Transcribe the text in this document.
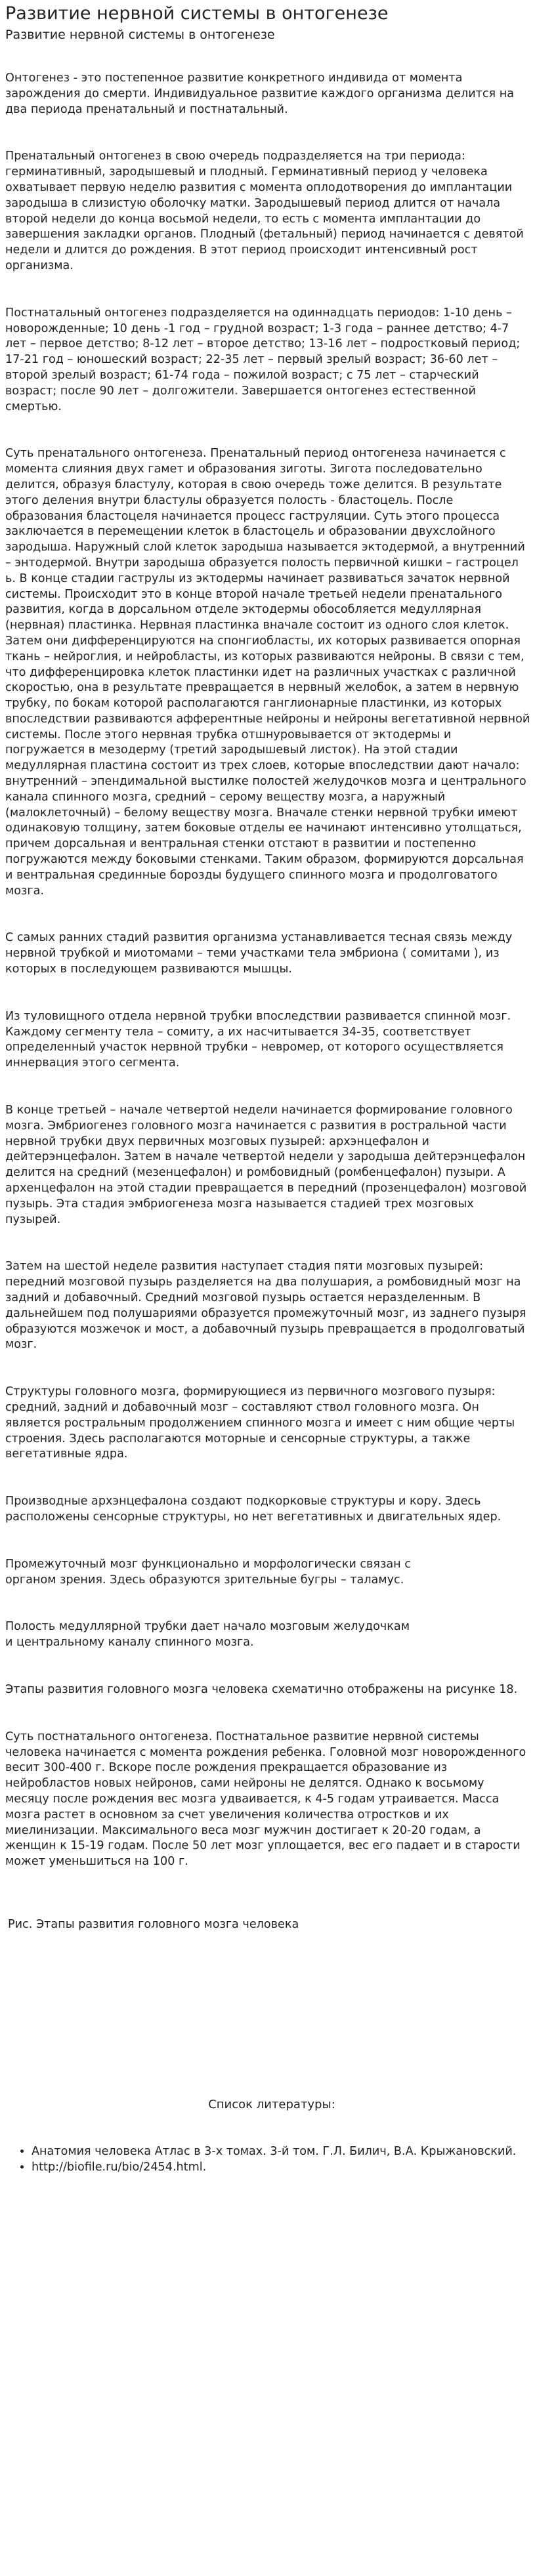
Развитие нервной системы в онтогенезе
Развитие нервной системы в онтогенезе

Онтогенез - это постепенное развитие конкретного индивида от момента зарождения до смерти. Индивидуальное развитие каждого организма делится на два периода пренатальный и постнатальный.

Пренатальный онтогенез в свою очередь подразделяется на три периода: герминативный, зародышевый и плодный. Герминативный период у человека охватывает первую неделю развития с момента оплодотворения до имплантации зародыша в слизистую оболочку матки. Зародышевый период длится от начала второй недели до конца восьмой недели, то есть с момента имплантации до завершения закладки органов. Плодный (фетальный) период начинается с девятой недели и длится до рождения. В этот период происходит интенсивный рост организма.

Постнатальный онтогенез подразделяется на одиннадцать периодов: 1-10 день – новорожденные; 10 день -1 год – грудной возраст; 1-3 года – раннее детство; 4-7 лет – первое детство; 8-12 лет – второе детство; 13-16 лет – подростковый период; 17-21 год – юношеский возраст; 22-35 лет – первый зрелый возраст; 36-60 лет – второй зрелый возраст; 61-74 года – пожилой возраст; с 75 лет – старческий возраст; после 90 лет – долгожители. Завершается онтогенез естественной смертью.

Суть пренатального онтогенеза. Пренатальный период онтогенеза начинается с момента слияния двух гамет и образования зиготы. Зигота последовательно делится, образуя бластулу, которая в свою очередь тоже делится. В результате этого деления внутри бластулы образуется полость - бластоцель. После образования бластоцеля начинается процесс гаструляции. Суть этого процесса заключается в перемещении клеток в бластоцель и образовании двухслойного зародыша. Наружный слой клеток зародыша называется эктодермой, а внутренний – энтодермой. Внутри зародыша образуется полость первичной кишки – гастроцел ь. В конце стадии гаструлы из эктодермы начинает развиваться зачаток нервной системы. Происходит это в конце второй начале третьей недели пренатального развития, когда в дорсальном отделе эктодермы обособляется медуллярная (нервная) пластинка. Нервная пластинка вначале состоит из одного слоя клеток. Затем они дифференцируются на спонгиобласты, их которых развивается опорная ткань – нейроглия, и нейробласты, из которых развиваются нейроны. В связи с тем, что дифференцировка клеток пластинки идет на различных участках с различной скоростью, она в результате превращается в нервный желобок, а затем в нервную трубку, по бокам которой располагаются ганглионарные пластинки, из которых впоследствии развиваются афферентные нейроны и нейроны вегетативной нервной системы. После этого нервная трубка отшнуровывается от эктодермы и погружается в мезодерму (третий зародышевый листок). На этой стадии медуллярная пластина состоит из трех слоев, которые впоследствии дают начало: внутренний – эпендимальной выстилке полостей желудочков мозга и центрального канала спинного мозга, средний – серому веществу мозга, а наружный (малоклеточный) – белому веществу мозга. Вначале стенки нервной трубки имеют одинаковую толщину, затем боковые отделы ее начинают интенсивно утолщаться, причем дорсальная и вентральная стенки отстают в развитии и постепенно погружаются между боковыми стенками. Таким образом, формируются дорсальная и вентральная срединные борозды будущего спинного мозга и продолговатого мозга.

С самых ранних стадий развития организма устанавливается тесная связь между нервной трубкой и миотомами – теми участками тела эмбриона ( сомитами ), из которых в последующем развиваются мышцы.

Из туловищного отдела нервной трубки впоследствии развивается спинной мозг. Каждому сегменту тела – сомиту, а их насчитывается 34-35, соответствует определенный участок нервной трубки – невромер, от которого осуществляется иннервация этого сегмента.

В конце третьей – начале четвертой недели начинается формирование головного мозга. Эмбриогенез головного мозга начинается с развития в ростральной части нервной трубки двух первичных мозговых пузырей: архэнцефалон и дейтерэнцефалон. Затем в начале четвертой недели у зародыша дейтерэнцефалон делится на средний (мезенцефалон) и ромбовидный (ромбенцефалон) пузыри. А архенцефалон на этой стадии превращается в передний (прозенцефалон) мозговой пузырь. Эта стадия эмбриогенеза мозга называется стадией трех мозговых пузырей.

Затем на шестой неделе развития наступает стадия пяти мозговых пузырей: передний мозговой пузырь разделяется на два полушария, а ромбовидный мозг на задний и добавочный. Средний мозговой пузырь остается неразделенным. В дальнейшем под полушариями образуется промежуточный мозг, из заднего пузыря образуются мозжечок и мост, а добавочный пузырь превращается в продолговатый мозг.

Структуры головного мозга, формирующиеся из первичного мозгового пузыря: средний, задний и добавочный мозг – составляют ствол головного мозга. Он является ростральным продолжением спинного мозга и имеет с ним общие черты строения. Здесь располагаются моторные и сенсорные структуры, а также вегетативные ядра.

Производные архэнцефалона создают подкорковые структуры и кору. Здесь расположены сенсорные структуры, но нет вегетативных и двигательных ядер.

Промежуточный мозг функционально и морфологически связан с органом зрения. Здесь образуются зрительные бугры – таламус.

Полость медуллярной трубки дает начало мозговым желудочкам и центральному каналу спинного мозга.

Этапы развития головного мозга человека схематично отображены на рисунке 18.

Суть постнатального онтогенеза. Постнатальное развитие нервной системы человека начинается с момента рождения ребенка. Головной мозг новорожденного весит 300-400 г. Вскоре после рождения прекращается образование из нейробластов новых нейронов, сами нейроны не делятся. Однако к восьмому месяцу после рождения вес мозга удваивается, к 4-5 годам утраивается. Масса мозга растет в основном за счет увеличения количества отростков и их миелинизации. Максимального веса мозг мужчин достигает к 20-20 годам, а женщин к 15-19 годам. После 50 лет мозг уплощается, вес его падает и в старости может уменьшиться на 100 г.

Рис. Этапы развития головного мозга человека
Список литературы:
• Анатомия человека Атлас в 3-х томах. 3-й том. Г.Л. Билич, В.А. Крыжановский.
• http://biofile.ru/bio/2454.html.
